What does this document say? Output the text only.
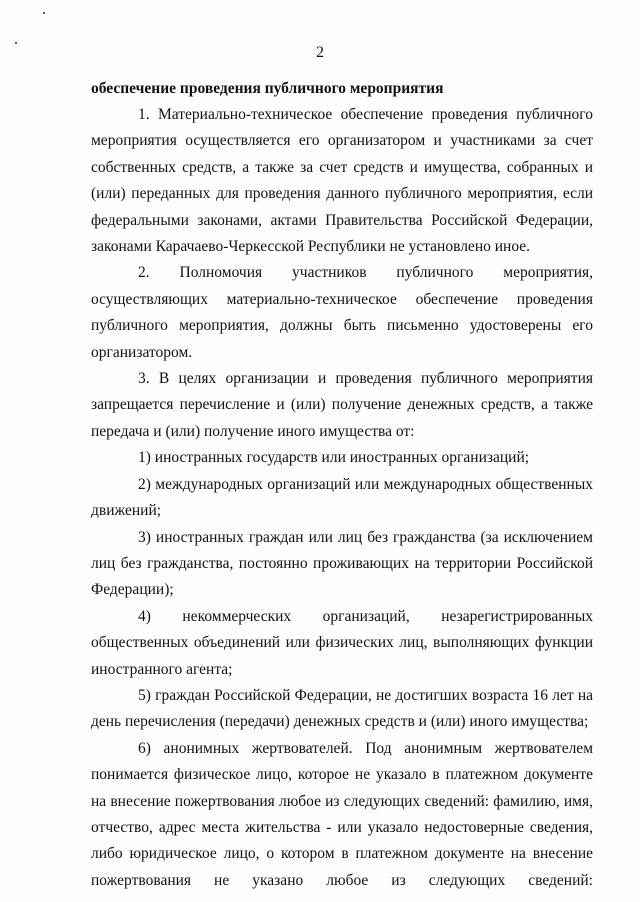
2

обеспечение проведения публичного мероприятия

1. Материально-техническое обеспечение проведения публичного мероприятия осуществляется его организатором и участниками за счет собственных средств, а также за счет средств и имущества, собранных и (или) переданных для проведения данного публичного мероприятия, если федеральными законами, актами Правительства Российской Федерации, законами Карачаево-Черкесской Республики не установлено иное.

2. Полномочия участников публичного мероприятия, осуществляющих материально-техническое обеспечение проведения публичного мероприятия, должны быть письменно удостоверены его организатором.

3. В целях организации и проведения публичного мероприятия запрещается перечисление и (или) получение денежных средств, а также передача и (или) получение иного имущества от:

1) иностранных государств или иностранных организаций;

2) международных организаций или международных общественных движений;

3) иностранных граждан или лиц без гражданства (за исключением лиц без гражданства, постоянно проживающих на территории Российской Федерации);

4) некоммерческих организаций, незарегистрированных общественных объединений или физических лиц, выполняющих функции иностранного агента;

5) граждан Российской Федерации, не достигших возраста 16 лет на день перечисления (передачи) денежных средств и (или) иного имущества;

6) анонимных жертвователей. Под анонимным жертвователем понимается физическое лицо, которое не указало в платежном документе на внесение пожертвования любое из следующих сведений: фамилию, имя, отчество, адрес места жительства - или указало недостоверные сведения, либо юридическое лицо, о котором в платежном документе на внесение пожертвования не указано любое из следующих сведений:
